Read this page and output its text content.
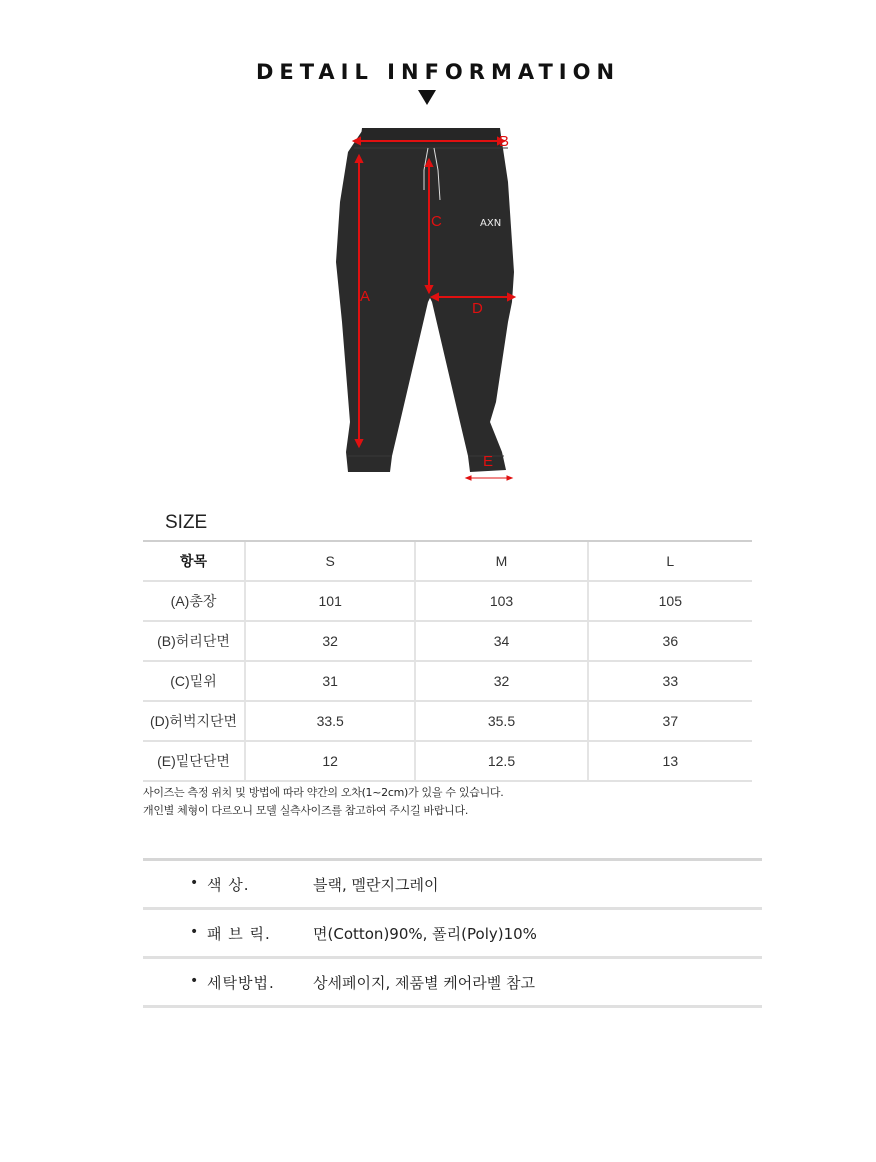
DETAIL INFORMATION
AXN
B
A
C
D
E
SIZE
항목	S	M	L
(A)총장	101	103	105
(B)허리단면	32	34	36
(C)밑위	31	32	33
(D)허벅지단면	33.5	35.5	37
(E)밑단단면	12	12.5	13
사이즈는 측정 위치 및 방법에 따라 약간의 오차(1~2cm)가 있을 수 있습니다.
개인별 체형이 다르오니 모델 실측사이즈를 참고하여 주시길 바랍니다.
• 색 상.	블랙, 멜란지그레이
• 패 브 릭.	면(Cotton)90%, 폴리(Poly)10%
• 세탁방법.	상세페이지, 제품별 케어라벨 참고
